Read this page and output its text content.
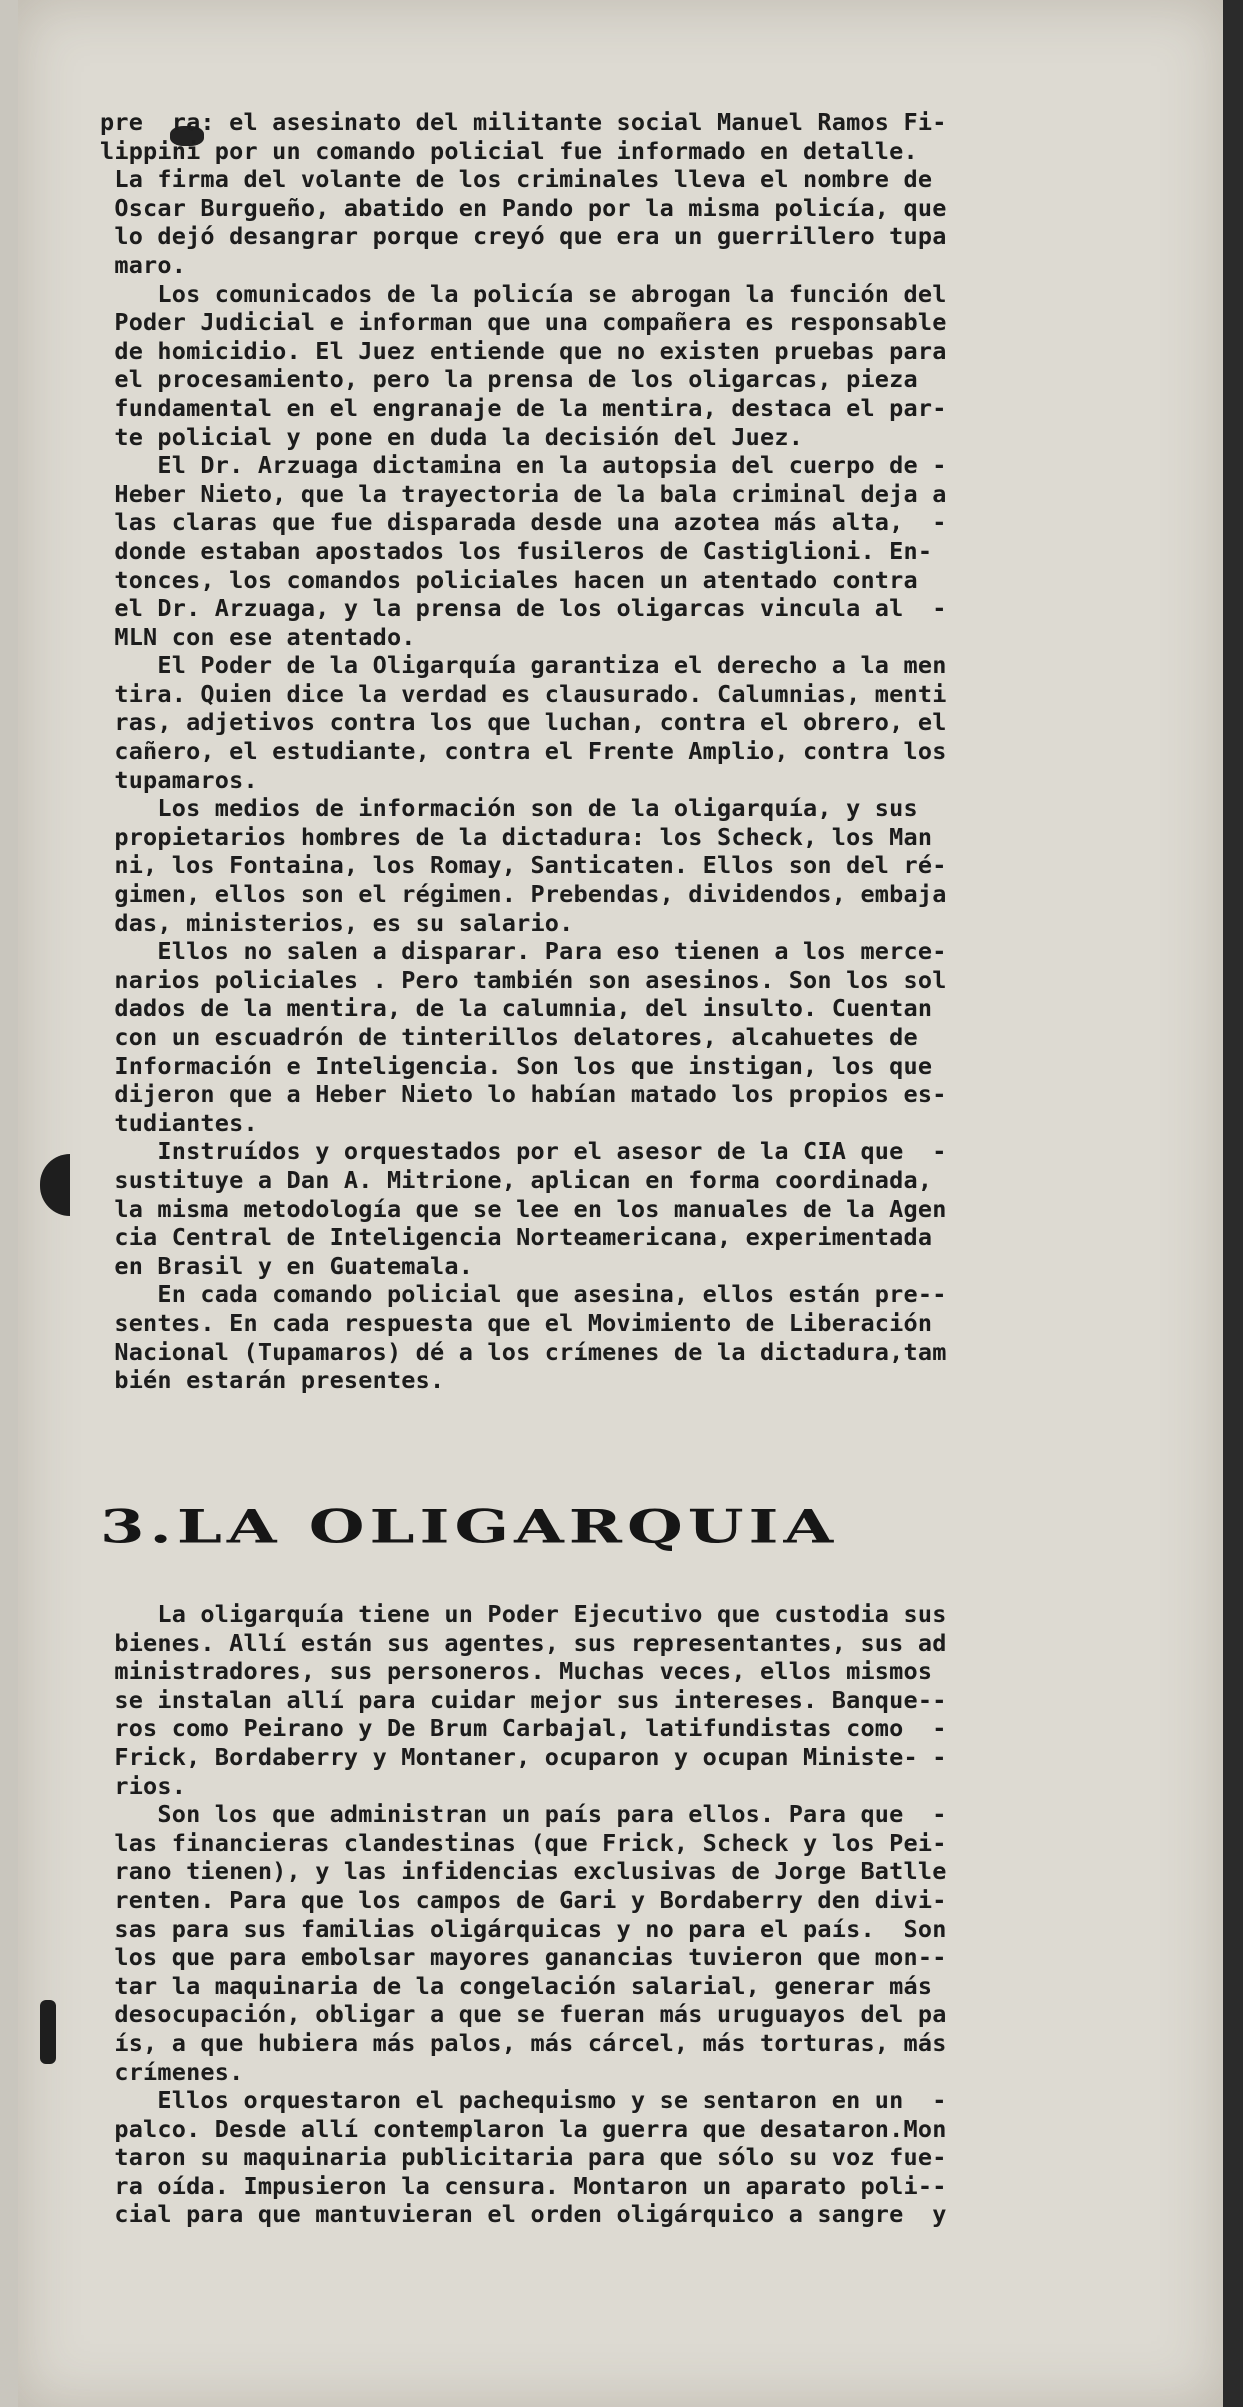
pre  ra: el asesinato del militante social Manuel Ramos Fi-
lippini por un comando policial fue informado en detalle.
La firma del volante de los criminales lleva el nombre de
Oscar Burgueño, abatido en Pando por la misma policía, que
lo dejó desangrar porque creyó que era un guerrillero tupa
maro.
Los comunicados de la policía se abrogan la función del
Poder Judicial e informan que una compañera es responsable
de homicidio. El Juez entiende que no existen pruebas para
el procesamiento, pero la prensa de los oligarcas, pieza
fundamental en el engranaje de la mentira, destaca el par-
te policial y pone en duda la decisión del Juez.
El Dr. Arzuaga dictamina en la autopsia del cuerpo de -
Heber Nieto, que la trayectoria de la bala criminal deja a
las claras que fue disparada desde una azotea más alta,  -
donde estaban apostados los fusileros de Castiglioni. En-
tonces, los comandos policiales hacen un atentado contra
el Dr. Arzuaga, y la prensa de los oligarcas vincula al  -
MLN con ese atentado.
El Poder de la Oligarquía garantiza el derecho a la men
tira. Quien dice la verdad es clausurado. Calumnias, menti
ras, adjetivos contra los que luchan, contra el obrero, el
cañero, el estudiante, contra el Frente Amplio, contra los
tupamaros.
Los medios de información son de la oligarquía, y sus
propietarios hombres de la dictadura: los Scheck, los Man
ni, los Fontaina, los Romay, Santicaten. Ellos son del ré-
gimen, ellos son el régimen. Prebendas, dividendos, embaja
das, ministerios, es su salario.
Ellos no salen a disparar. Para eso tienen a los merce-
narios policiales . Pero también son asesinos. Son los sol
dados de la mentira, de la calumnia, del insulto. Cuentan
con un escuadrón de tinterillos delatores, alcahuetes de
Información e Inteligencia. Son los que instigan, los que
dijeron que a Heber Nieto lo habían matado los propios es-
tudiantes.
Instruídos y orquestados por el asesor de la CIA que  -
sustituye a Dan A. Mitrione, aplican en forma coordinada,
la misma metodología que se lee en los manuales de la Agen
cia Central de Inteligencia Norteamericana, experimentada
en Brasil y en Guatemala.
En cada comando policial que asesina, ellos están pre--
sentes. En cada respuesta que el Movimiento de Liberación
Nacional (Tupamaros) dé a los crímenes de la dictadura,tam
bién estarán presentes.
3.LA OLIGARQUIA
La oligarquía tiene un Poder Ejecutivo que custodia sus
bienes. Allí están sus agentes, sus representantes, sus ad
ministradores, sus personeros. Muchas veces, ellos mismos
se instalan allí para cuidar mejor sus intereses. Banque--
ros como Peirano y De Brum Carbajal, latifundistas como  -
Frick, Bordaberry y Montaner, ocuparon y ocupan Ministe- -
rios.
Son los que administran un país para ellos. Para que  -
las financieras clandestinas (que Frick, Scheck y los Pei-
rano tienen), y las infidencias exclusivas de Jorge Batlle
renten. Para que los campos de Gari y Bordaberry den divi-
sas para sus familias oligárquicas y no para el país.  Son
los que para embolsar mayores ganancias tuvieron que mon--
tar la maquinaria de la congelación salarial, generar más
desocupación, obligar a que se fueran más uruguayos del pa
ís, a que hubiera más palos, más cárcel, más torturas, más
crímenes.
Ellos orquestaron el pachequismo y se sentaron en un  -
palco. Desde allí contemplaron la guerra que desataron.Mon
taron su maquinaria publicitaria para que sólo su voz fue-
ra oída. Impusieron la censura. Montaron un aparato poli--
cial para que mantuvieran el orden oligárquico a sangre  y
